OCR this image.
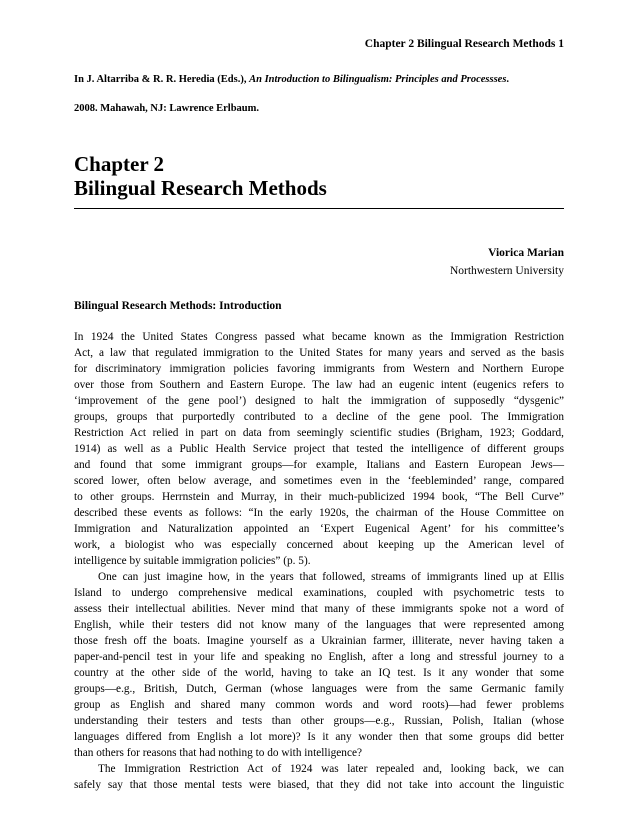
Chapter 2 Bilingual Research Methods 1
In J. Altarriba & R. R. Heredia (Eds.), An Introduction to Bilingualism: Principles and Processses.
2008. Mahawah, NJ: Lawrence Erlbaum.
Chapter 2
Bilingual Research Methods
Viorica Marian
Northwestern University
Bilingual Research Methods: Introduction
In 1924 the United States Congress passed what became known as the Immigration Restriction
Act, a law that regulated immigration to the United States for many years and served as the basis
for discriminatory immigration policies favoring immigrants from Western and Northern Europe
over those from Southern and Eastern Europe. The law had an eugenic intent (eugenics refers to
‘improvement of the gene pool’) designed to halt the immigration of supposedly “dysgenic”
groups, groups that purportedly contributed to a decline of the gene pool. The Immigration
Restriction Act relied in part on data from seemingly scientific studies (Brigham, 1923; Goddard,
1914) as well as a Public Health Service project that tested the intelligence of different groups
and found that some immigrant groups—for example, Italians and Eastern European Jews—
scored lower, often below average, and sometimes even in the ‘feebleminded’ range, compared
to other groups. Herrnstein and Murray, in their much-publicized 1994 book, “The Bell Curve”
described these events as follows: “In the early 1920s, the chairman of the House Committee on
Immigration and Naturalization appointed an ‘Expert Eugenical Agent’ for his committee’s
work, a biologist who was especially concerned about keeping up the American level of
intelligence by suitable immigration policies” (p. 5).
One can just imagine how, in the years that followed, streams of immigrants lined up at Ellis
Island to undergo comprehensive medical examinations, coupled with psychometric tests to
assess their intellectual abilities. Never mind that many of these immigrants spoke not a word of
English, while their testers did not know many of the languages that were represented among
those fresh off the boats. Imagine yourself as a Ukrainian farmer, illiterate, never having taken a
paper-and-pencil test in your life and speaking no English, after a long and stressful journey to a
country at the other side of the world, having to take an IQ test. Is it any wonder that some
groups—e.g., British, Dutch, German (whose languages were from the same Germanic family
group as English and shared many common words and word roots)—had fewer problems
understanding their testers and tests than other groups—e.g., Russian, Polish, Italian (whose
languages differed from English a lot more)? Is it any wonder then that some groups did better
than others for reasons that had nothing to do with intelligence?
The Immigration Restriction Act of 1924 was later repealed and, looking back, we can
safely say that those mental tests were biased, that they did not take into account the linguistic
